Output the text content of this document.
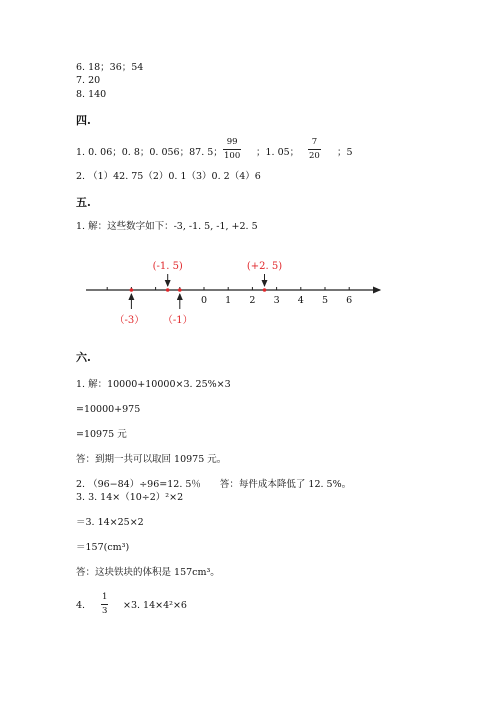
6. 18；36；54
7. 20
8. 140
四.
1. 0. 06；0. 8；0. 056；87. 5；
99
100 ；1. 05；
7
20 ；5
2. （1）42. 75（2）0. 1（3）0. 2（4）6
五.
1. 解：这些数字如下：-3, -1. 5, -1, +2. 5
0 1 2 3 4 5 6
（-3）
(-1. 5)
（-1）
(+2. 5)
六.
1. 解：10000+10000×3. 25%×3
=10000+975
=10975 元
答：到期一共可以取回 10975 元。
2. （96−84）÷96=12. 5％　　答：每件成本降低了 12. 5%。
3. 3. 14×（10÷2）²×2
＝3. 14×25×2
＝157(cm³)
答：这块铁块的体积是 157cm³。
4.
1
3 ×3. 14×4²×6
